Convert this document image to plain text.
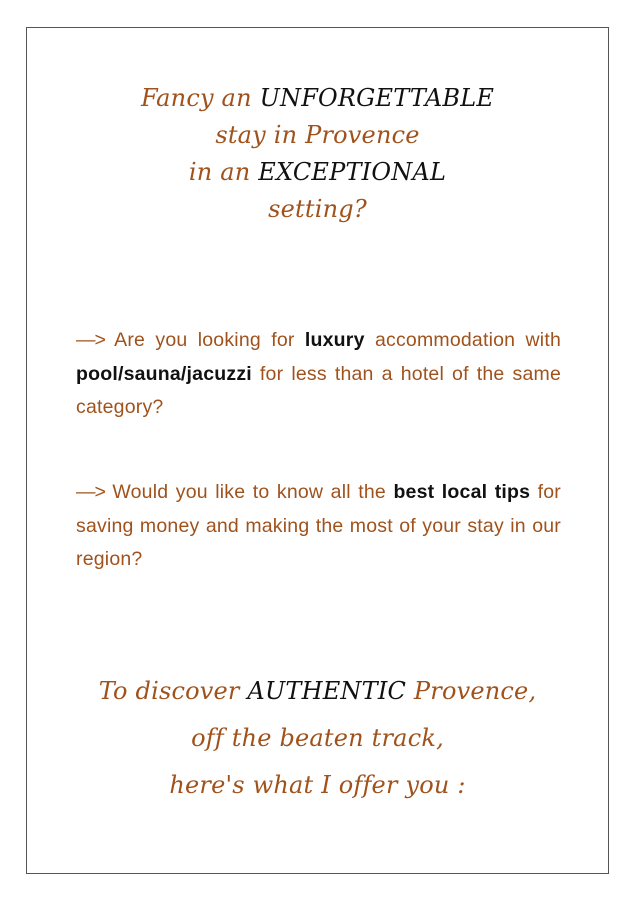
Fancy an UNFORGETTABLE
stay in Provence
in an EXCEPTIONAL
setting?

—> Are you looking for luxury accommodation with pool/sauna/jacuzzi for less than a hotel of the same category?

—> Would you like to know all the best local tips for saving money and making the most of your stay in our region?

To discover AUTHENTIC Provence,
off the beaten track,
here's what I offer you :
